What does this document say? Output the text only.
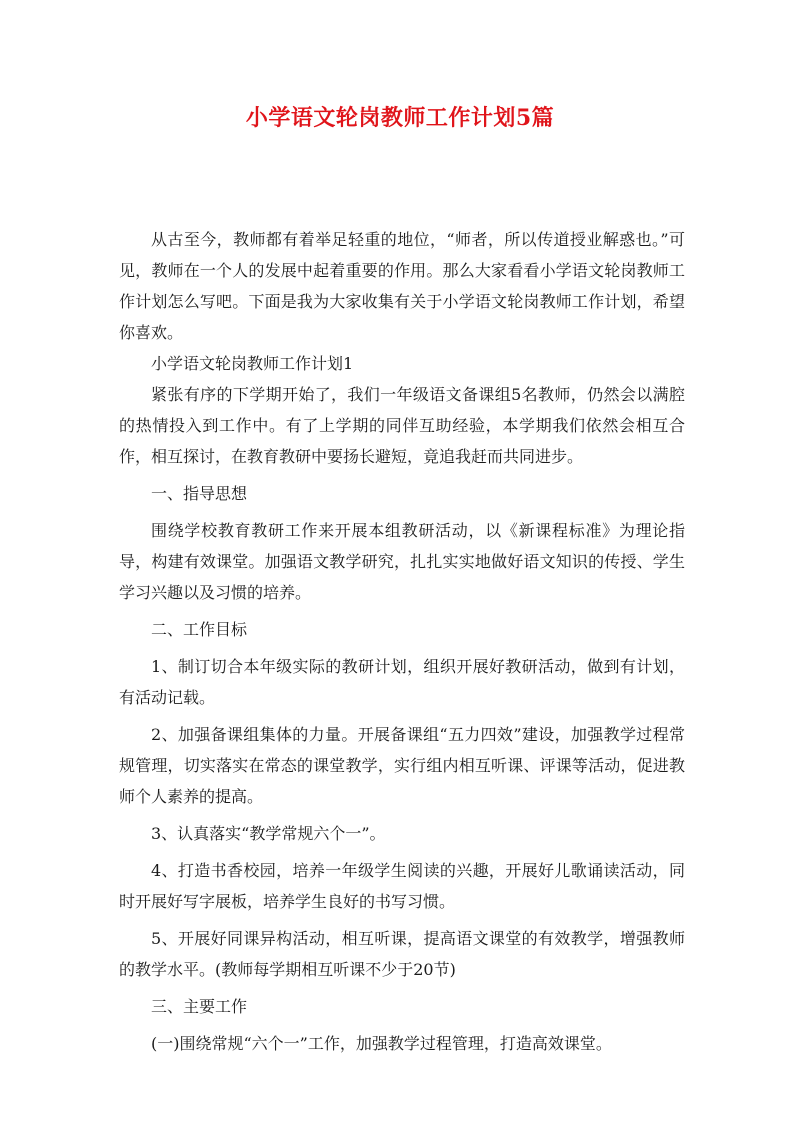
小学语文轮岗教师工作计划5篇

从古至今，教师都有着举足轻重的地位，“师者，所以传道授业解惑也。”可见，教师在一个人的发展中起着重要的作用。那么大家看看小学语文轮岗教师工作计划怎么写吧。下面是我为大家收集有关于小学语文轮岗教师工作计划，希望你喜欢。

小学语文轮岗教师工作计划1

紧张有序的下学期开始了，我们一年级语文备课组5名教师，仍然会以满腔的热情投入到工作中。有了上学期的同伴互助经验，本学期我们依然会相互合作，相互探讨，在教育教研中要扬长避短，竟追我赶而共同进步。

一、指导思想

围绕学校教育教研工作来开展本组教研活动，以《新课程标准》为理论指导，构建有效课堂。加强语文教学研究，扎扎实实地做好语文知识的传授、学生学习兴趣以及习惯的培养。

二、工作目标

1、制订切合本年级实际的教研计划，组织开展好教研活动，做到有计划，有活动记载。

2、加强备课组集体的力量。开展备课组“五力四效”建设，加强教学过程常规管理，切实落实在常态的课堂教学，实行组内相互听课、评课等活动，促进教师个人素养的提高。

3、认真落实“教学常规六个一”。

4、打造书香校园，培养一年级学生阅读的兴趣，开展好儿歌诵读活动，同时开展好写字展板，培养学生良好的书写习惯。

5、开展好同课异构活动，相互听课，提高语文课堂的有效教学，增强教师的教学水平。(教师每学期相互听课不少于20节)

三、主要工作

(一)围绕常规“六个一”工作，加强教学过程管理，打造高效课堂。
